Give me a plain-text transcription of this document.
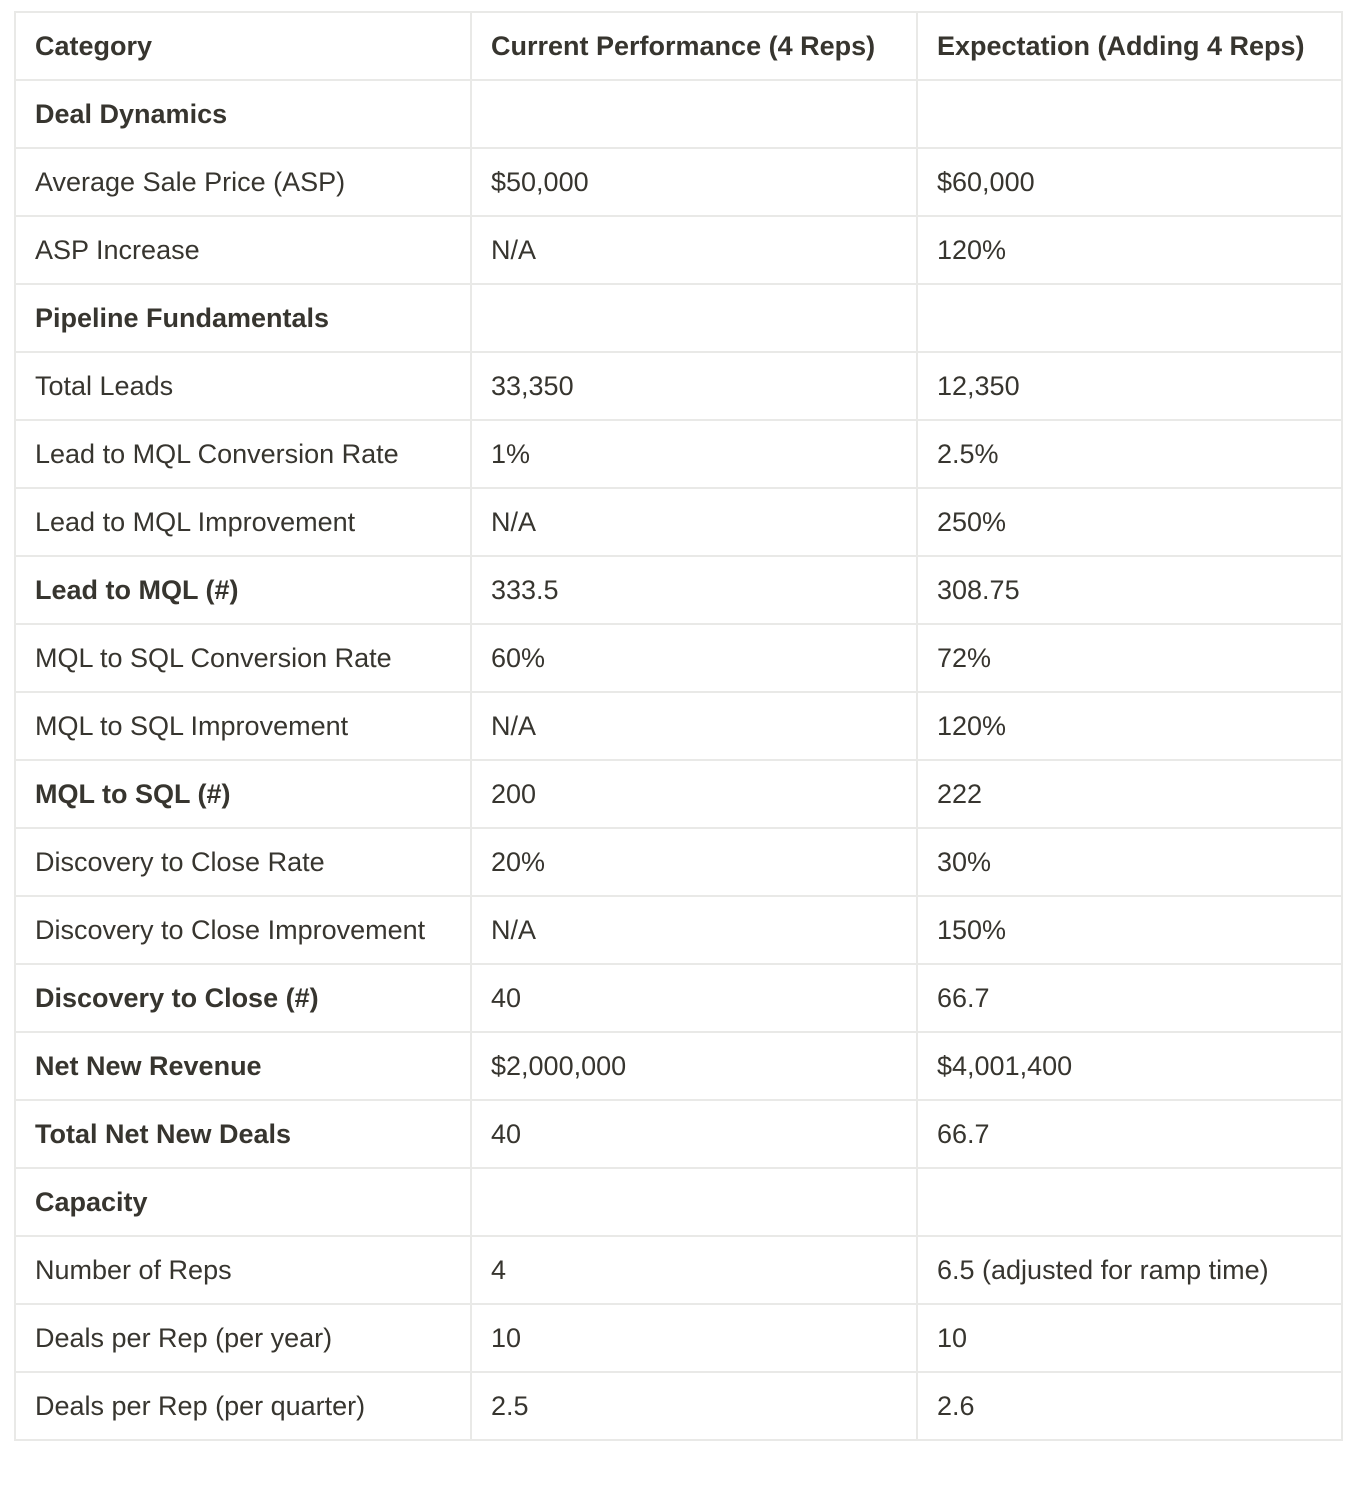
Category	Current Performance (4 Reps)	Expectation (Adding 4 Reps)
Deal Dynamics		
Average Sale Price (ASP)	$50,000	$60,000
ASP Increase	N/A	120%
Pipeline Fundamentals		
Total Leads	33,350	12,350
Lead to MQL Conversion Rate	1%	2.5%
Lead to MQL Improvement	N/A	250%
Lead to MQL (#)	333.5	308.75
MQL to SQL Conversion Rate	60%	72%
MQL to SQL Improvement	N/A	120%
MQL to SQL (#)	200	222
Discovery to Close Rate	20%	30%
Discovery to Close Improvement	N/A	150%
Discovery to Close (#)	40	66.7
Net New Revenue	$2,000,000	$4,001,400
Total Net New Deals	40	66.7
Capacity		
Number of Reps	4	6.5 (adjusted for ramp time)
Deals per Rep (per year)	10	10
Deals per Rep (per quarter)	2.5	2.6
